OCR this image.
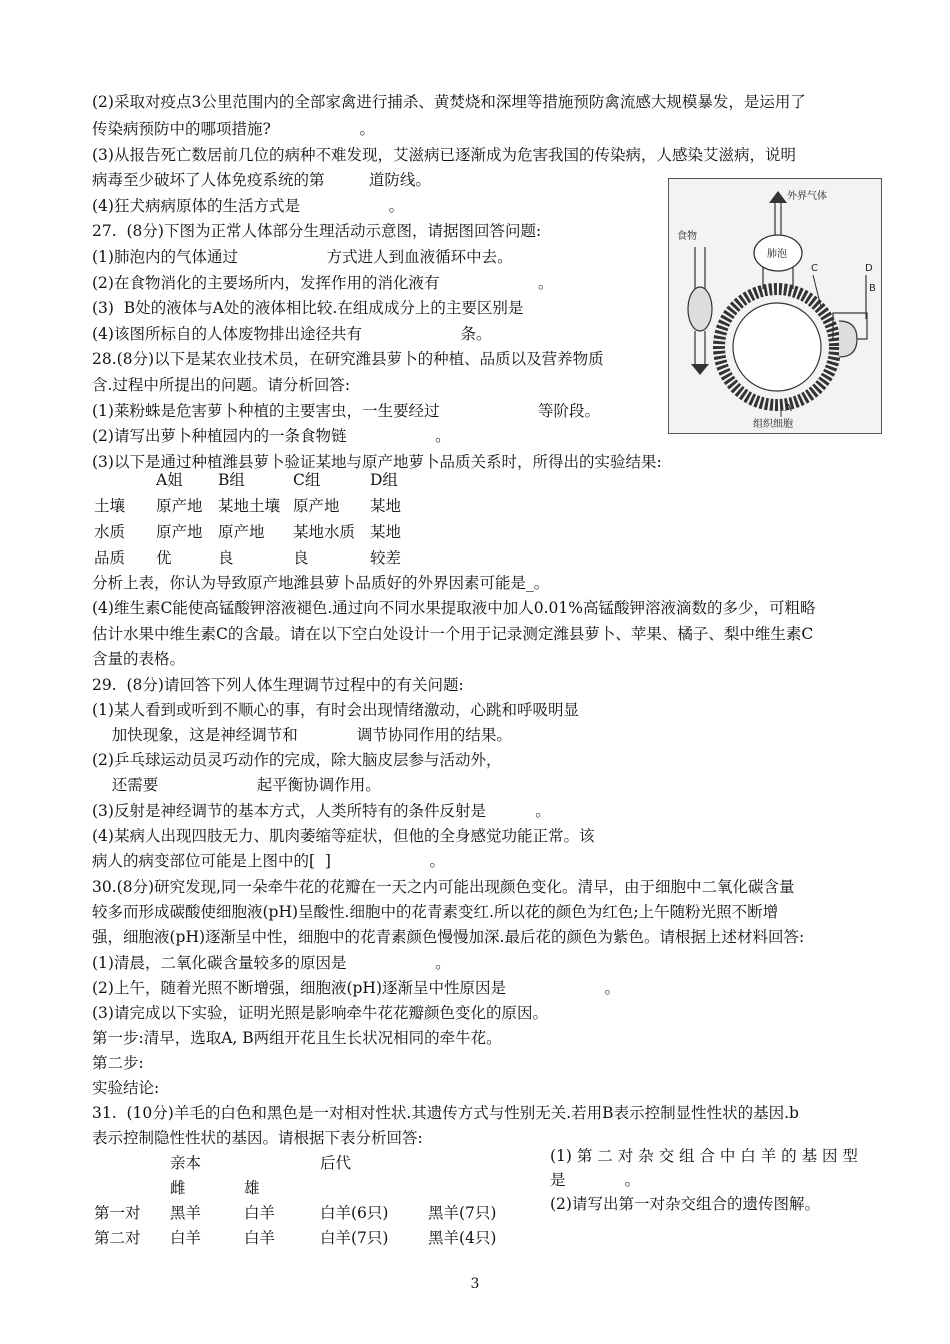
(2)采取对疫点3公里范围内的全部家禽进行捕杀、黄焚烧和深埋等措施预防禽流感大规模暴发，是运用了
传染病预防中的哪项措施?                  。
(3)从报告死亡数居前几位的病种不难发现，艾滋病已逐渐成为危害我国的传染病，人感染艾滋病，说明
病毒至少破坏了人体免疫系统的第         道防线。
(4)狂犬病病原体的生活方式是                  。
27.  (8分)下图为正常人体部分生理活动示意图，请据图回答问题:
(1)肺泡内的气体通过                  方式进人到血液循环中去。
(2)在食物消化的主要场所内，发挥作用的消化液有                    。
(3)  B处的液体与A处的液体相比较.在组成成分上的主要区别是
(4)该图所标自的人体废物排出途径共有                    条。
28.(8分)以下是某农业技术员，在研究潍县萝卜的种植、品质以及营养物质
含.过程中所提出的问题。请分析回答:
(1)莱粉蛛是危害萝卜种植的主要害虫，一生要经过                    等阶段。
(2)请写出萝卜种植园内的一条食物链                  。
(3)以下是通过种植潍县萝卜验证某地与原产地萝卜品质关系时，所得出的实验结果:
外界气体
肺泡
食物
C	D
A
组织细胞
B
A姐 B组	C组	D组
土壤 原产地 某地土壤 原产地 某地
水质 原产地 原产地 某地水质 某地
品质 优	良	良	较差
分析上表，你认为导致原产地潍县萝卜品质好的外界因素可能是_。
(4)维生素C能使高锰酸钾溶液褪色.通过向不同水果提取液中加人0.01%高锰酸钾溶液滴数的多少，可粗略
估计水果中维生素C的含最。请在以下空白处设计一个用于记录测定潍县萝卜、苹果、橘子、梨中维生素C
含量的表格。
29.  (8分)请回答下列人体生理调节过程中的有关问题:
(1)某人看到或听到不顺心的事，有时会出现情绪激动，心跳和呼吸明显
加快现象，这是神经调节和            调节协同作用的结果。
(2)乒乓球运动员灵巧动作的完成，除大脑皮层参与活动外，
还需要                    起平衡协调作用。
(3)反射是神经调节的基本方式，人类所特有的条件反射是          。
(4)某病人出现四肢无力、肌肉萎缩等症状，但他的全身感觉功能正常。该
病人的病变部位可能是上图中的[  ]                    。
30.(8分)研究发现,同一朵牵牛花的花瓣在一天之内可能出现颜色变化。清早，由于细胞中二氧化碳含量
较多而形成碳酸使细胞液(pH)呈酸性.细胞中的花青素变红.所以花的颜色为红色;上午随粉光照不断增
强，细胞液(pH)逐渐呈中性，细胞中的花青素颜色慢慢加深.最后花的颜色为紫色。请根据上述材料回答:
(1)清晨，二氧化碳含量较多的原因是                  。
(2)上午，随着光照不断增强，细胞液(pH)逐渐呈中性原因是                    。
(3)请完成以下实验，证明光照是影响牵牛花花瓣颜色变化的原因。
第一步:清早，选取A, B两组开花且生长状况相同的牵牛花。
第二步:
实验结论:
31.  (10分)羊毛的白色和黑色是一对相对性状.其遗传方式与性别无关.若用B表示控制显性性状的基因.b
表示控制隐性性状的基因。请根据下表分析回答:
亲本	后代
雌	雄
第一对 黑羊	白羊	白羊(6只)	黑羊(7只)
第二对 白羊	白羊	白羊(7只)	黑羊(4只)
(1) 第 二 对 杂 交 组 合 中 白 羊 的 基 因 型
是            。
(2)请写出第一对杂交组合的遗传图解。
3
